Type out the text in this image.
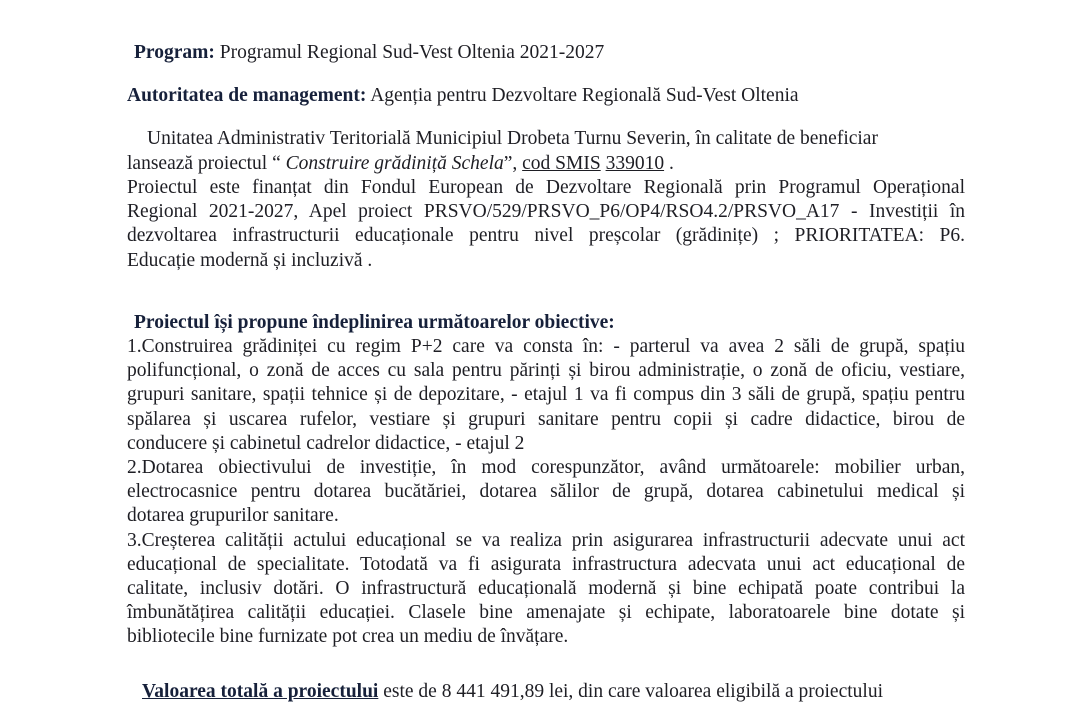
Program: Programul Regional Sud-Vest Oltenia 2021-2027
Autoritatea de management: Agenția pentru Dezvoltare Regională Sud-Vest Oltenia
Unitatea Administrativ Teritorială Municipiul Drobeta Turnu Severin, în calitate de beneficiar
lansează proiectul “ Construire grădiniță Schela”, cod SMIS 339010 .
Proiectul este finanțat din Fondul European de Dezvoltare Regională prin Programul Operațional
Regional 2021-2027, Apel proiect PRSVO/529/PRSVO_P6/OP4/RSO4.2/PRSVO_A17 - Investiții în
dezvoltarea infrastructurii educaționale pentru nivel preșcolar (grădinițe) ; PRIORITATEA: P6.
Educație modernă și incluzivă .
Proiectul își propune îndeplinirea următoarelor obiective:
1.Construirea grădiniței cu regim P+2 care va consta în: - parterul va avea 2 săli de grupă, spațiu
polifuncțional, o zonă de acces cu sala pentru părinți și birou administrație, o zonă de oficiu, vestiare,
grupuri sanitare, spații tehnice și de depozitare, - etajul 1 va fi compus din 3 săli de grupă, spațiu pentru
spălarea și uscarea rufelor, vestiare și grupuri sanitare pentru copii și cadre didactice, birou de
conducere și cabinetul cadrelor didactice, - etajul 2
2.Dotarea obiectivului de investiție, în mod corespunzător, având următoarele: mobilier urban,
electrocasnice pentru dotarea bucătăriei, dotarea sălilor de grupă, dotarea cabinetului medical și
dotarea grupurilor sanitare.
3.Creșterea calității actului educațional se va realiza prin asigurarea infrastructurii adecvate unui act
educațional de specialitate. Totodată va fi asigurata infrastructura adecvata unui act educațional de
calitate, inclusiv dotări. O infrastructură educațională modernă și bine echipată poate contribui la
îmbunătățirea calității educației. Clasele bine amenajate și echipate, laboratoarele bine dotate și
bibliotecile bine furnizate pot crea un mediu de învățare.
Valoarea totală a proiectului este de 8 441 491,89 lei, din care valoarea eligibilă a proiectului
